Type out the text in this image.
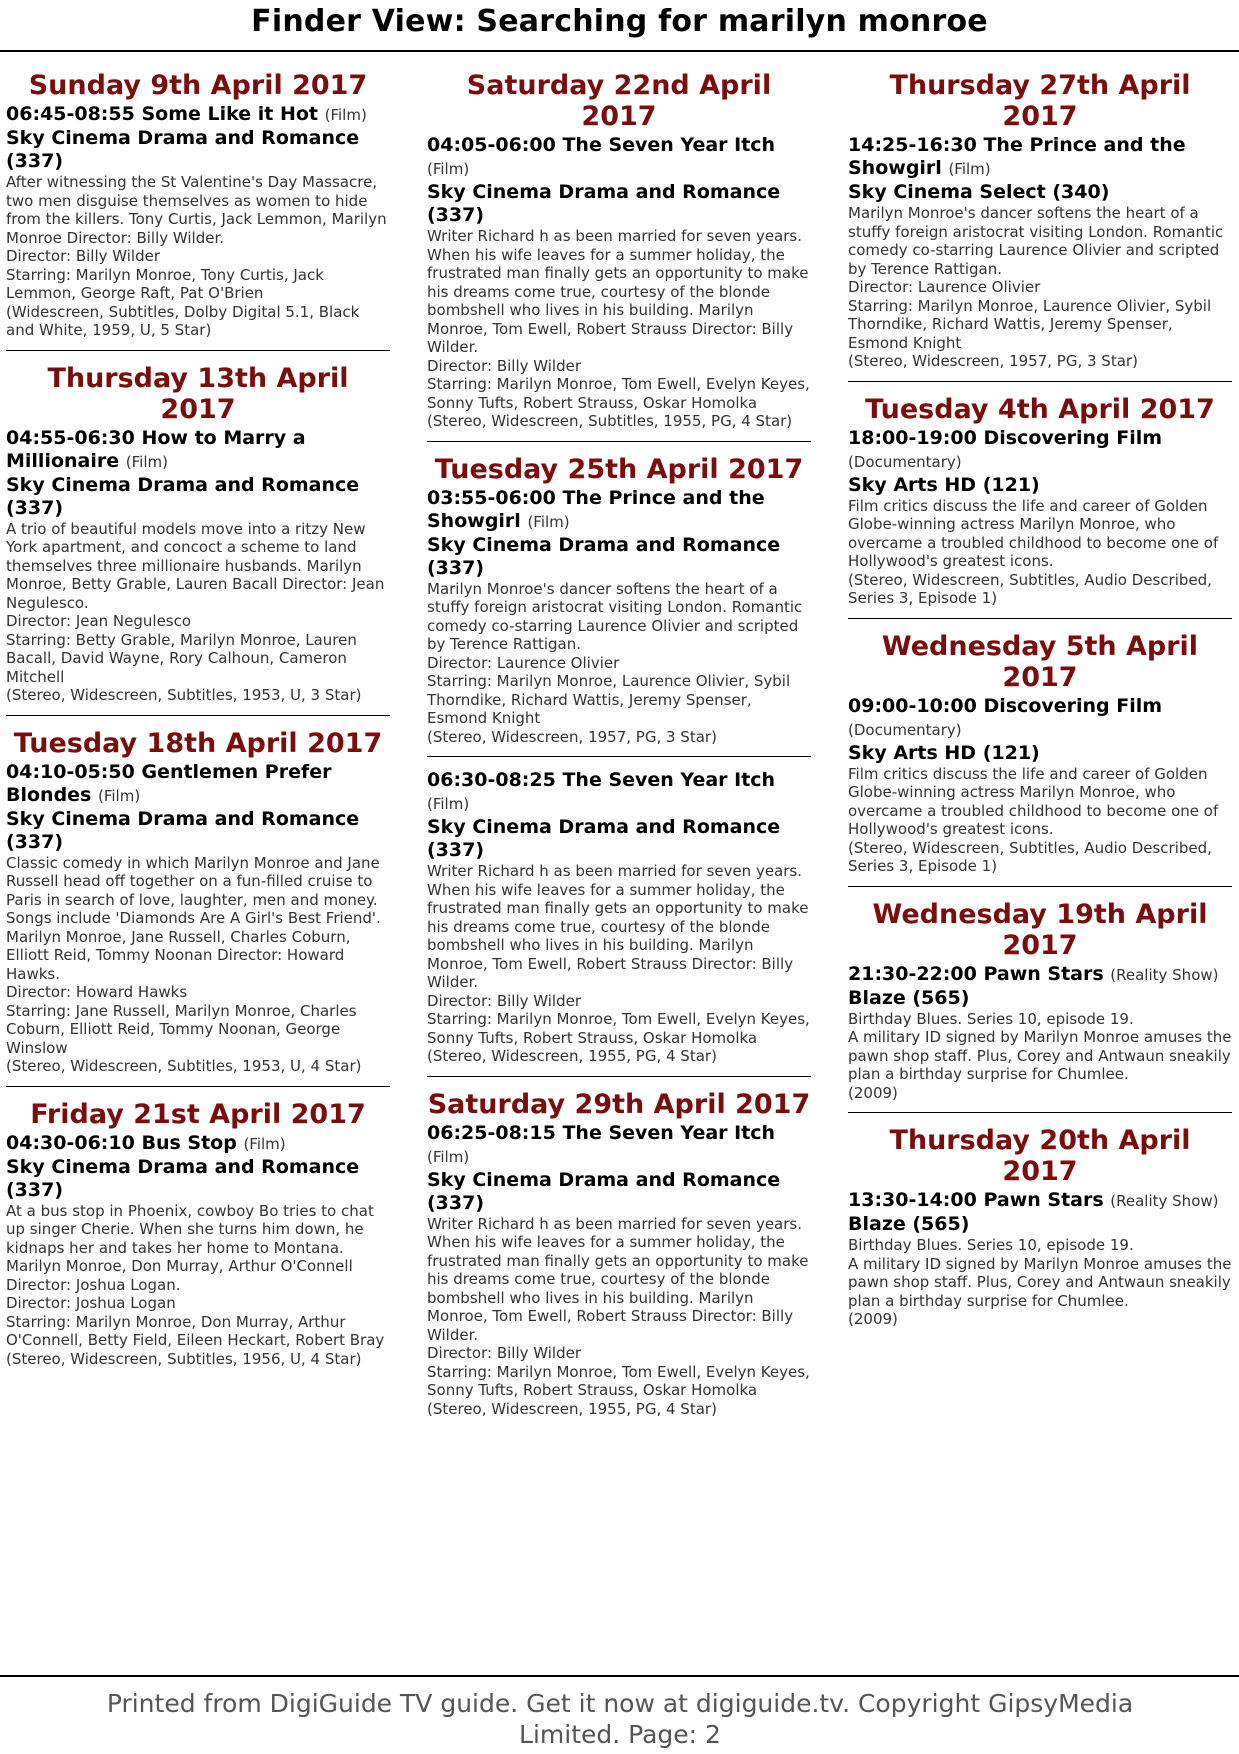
Finder View: Searching for marilyn monroe
Sunday 9th April 2017
06:45-08:55 Some Like it Hot (Film)
Sky Cinema Drama and Romance (337)
After witnessing the St Valentine's Day Massacre, two men disguise themselves as women to hide from the killers. Tony Curtis, Jack Lemmon, Marilyn Monroe Director: Billy Wilder.
Director: Billy Wilder
Starring: Marilyn Monroe, Tony Curtis, Jack Lemmon, George Raft, Pat O'Brien
(Widescreen, Subtitles, Dolby Digital 5.1, Black and White, 1959, U, 5 Star)
Thursday 13th April 2017
04:55-06:30 How to Marry a Millionaire (Film)
Sky Cinema Drama and Romance (337)
A trio of beautiful models move into a ritzy New York apartment, and concoct a scheme to land themselves three millionaire husbands. Marilyn Monroe, Betty Grable, Lauren Bacall Director: Jean Negulesco.
Director: Jean Negulesco
Starring: Betty Grable, Marilyn Monroe, Lauren Bacall, David Wayne, Rory Calhoun, Cameron Mitchell
(Stereo, Widescreen, Subtitles, 1953, U, 3 Star)
Tuesday 18th April 2017
04:10-05:50 Gentlemen Prefer Blondes (Film)
Sky Cinema Drama and Romance (337)
Classic comedy in which Marilyn Monroe and Jane Russell head off together on a fun-filled cruise to Paris in search of love, laughter, men and money. Songs include 'Diamonds Are A Girl's Best Friend'. Marilyn Monroe, Jane Russell, Charles Coburn, Elliott Reid, Tommy Noonan Director: Howard Hawks.
Director: Howard Hawks
Starring: Jane Russell, Marilyn Monroe, Charles Coburn, Elliott Reid, Tommy Noonan, George Winslow
(Stereo, Widescreen, Subtitles, 1953, U, 4 Star)
Friday 21st April 2017
04:30-06:10 Bus Stop (Film)
Sky Cinema Drama and Romance (337)
At a bus stop in Phoenix, cowboy Bo tries to chat up singer Cherie. When she turns him down, he kidnaps her and takes her home to Montana. Marilyn Monroe, Don Murray, Arthur O'Connell Director: Joshua Logan.
Director: Joshua Logan
Starring: Marilyn Monroe, Don Murray, Arthur O'Connell, Betty Field, Eileen Heckart, Robert Bray
(Stereo, Widescreen, Subtitles, 1956, U, 4 Star)
Saturday 22nd April 2017
04:05-06:00 The Seven Year Itch (Film)
Sky Cinema Drama and Romance (337)
Writer Richard h as been married for seven years. When his wife leaves for a summer holiday, the frustrated man finally gets an opportunity to make his dreams come true, courtesy of the blonde bombshell who lives in his building. Marilyn Monroe, Tom Ewell, Robert Strauss Director: Billy Wilder.
Director: Billy Wilder
Starring: Marilyn Monroe, Tom Ewell, Evelyn Keyes, Sonny Tufts, Robert Strauss, Oskar Homolka
(Stereo, Widescreen, Subtitles, 1955, PG, 4 Star)
Tuesday 25th April 2017
03:55-06:00 The Prince and the Showgirl (Film)
Sky Cinema Drama and Romance (337)
Marilyn Monroe's dancer softens the heart of a stuffy foreign aristocrat visiting London. Romantic comedy co-starring Laurence Olivier and scripted by Terence Rattigan.
Director: Laurence Olivier
Starring: Marilyn Monroe, Laurence Olivier, Sybil Thorndike, Richard Wattis, Jeremy Spenser, Esmond Knight
(Stereo, Widescreen, 1957, PG, 3 Star)
06:30-08:25 The Seven Year Itch (Film)
Sky Cinema Drama and Romance (337)
Writer Richard h as been married for seven years. When his wife leaves for a summer holiday, the frustrated man finally gets an opportunity to make his dreams come true, courtesy of the blonde bombshell who lives in his building. Marilyn Monroe, Tom Ewell, Robert Strauss Director: Billy Wilder.
Director: Billy Wilder
Starring: Marilyn Monroe, Tom Ewell, Evelyn Keyes, Sonny Tufts, Robert Strauss, Oskar Homolka
(Stereo, Widescreen, 1955, PG, 4 Star)
Saturday 29th April 2017
06:25-08:15 The Seven Year Itch (Film)
Sky Cinema Drama and Romance (337)
Writer Richard h as been married for seven years. When his wife leaves for a summer holiday, the frustrated man finally gets an opportunity to make his dreams come true, courtesy of the blonde bombshell who lives in his building. Marilyn Monroe, Tom Ewell, Robert Strauss Director: Billy Wilder.
Director: Billy Wilder
Starring: Marilyn Monroe, Tom Ewell, Evelyn Keyes, Sonny Tufts, Robert Strauss, Oskar Homolka
(Stereo, Widescreen, 1955, PG, 4 Star)
Thursday 27th April 2017
14:25-16:30 The Prince and the Showgirl (Film)
Sky Cinema Select (340)
Marilyn Monroe's dancer softens the heart of a stuffy foreign aristocrat visiting London. Romantic comedy co-starring Laurence Olivier and scripted by Terence Rattigan.
Director: Laurence Olivier
Starring: Marilyn Monroe, Laurence Olivier, Sybil Thorndike, Richard Wattis, Jeremy Spenser, Esmond Knight
(Stereo, Widescreen, 1957, PG, 3 Star)
Tuesday 4th April 2017
18:00-19:00 Discovering Film (Documentary)
Sky Arts HD (121)
Film critics discuss the life and career of Golden Globe-winning actress Marilyn Monroe, who overcame a troubled childhood to become one of Hollywood's greatest icons.
(Stereo, Widescreen, Subtitles, Audio Described, Series 3, Episode 1)
Wednesday 5th April 2017
09:00-10:00 Discovering Film (Documentary)
Sky Arts HD (121)
Film critics discuss the life and career of Golden Globe-winning actress Marilyn Monroe, who overcame a troubled childhood to become one of Hollywood's greatest icons.
(Stereo, Widescreen, Subtitles, Audio Described, Series 3, Episode 1)
Wednesday 19th April 2017
21:30-22:00 Pawn Stars (Reality Show)
Blaze (565)
Birthday Blues. Series 10, episode 19.
A military ID signed by Marilyn Monroe amuses the pawn shop staff. Plus, Corey and Antwaun sneakily plan a birthday surprise for Chumlee.
(2009)
Thursday 20th April 2017
13:30-14:00 Pawn Stars (Reality Show)
Blaze (565)
Birthday Blues. Series 10, episode 19.
A military ID signed by Marilyn Monroe amuses the pawn shop staff. Plus, Corey and Antwaun sneakily plan a birthday surprise for Chumlee.
(2009)
Printed from DigiGuide TV guide. Get it now at digiguide.tv. Copyright GipsyMedia Limited. Page: 2
